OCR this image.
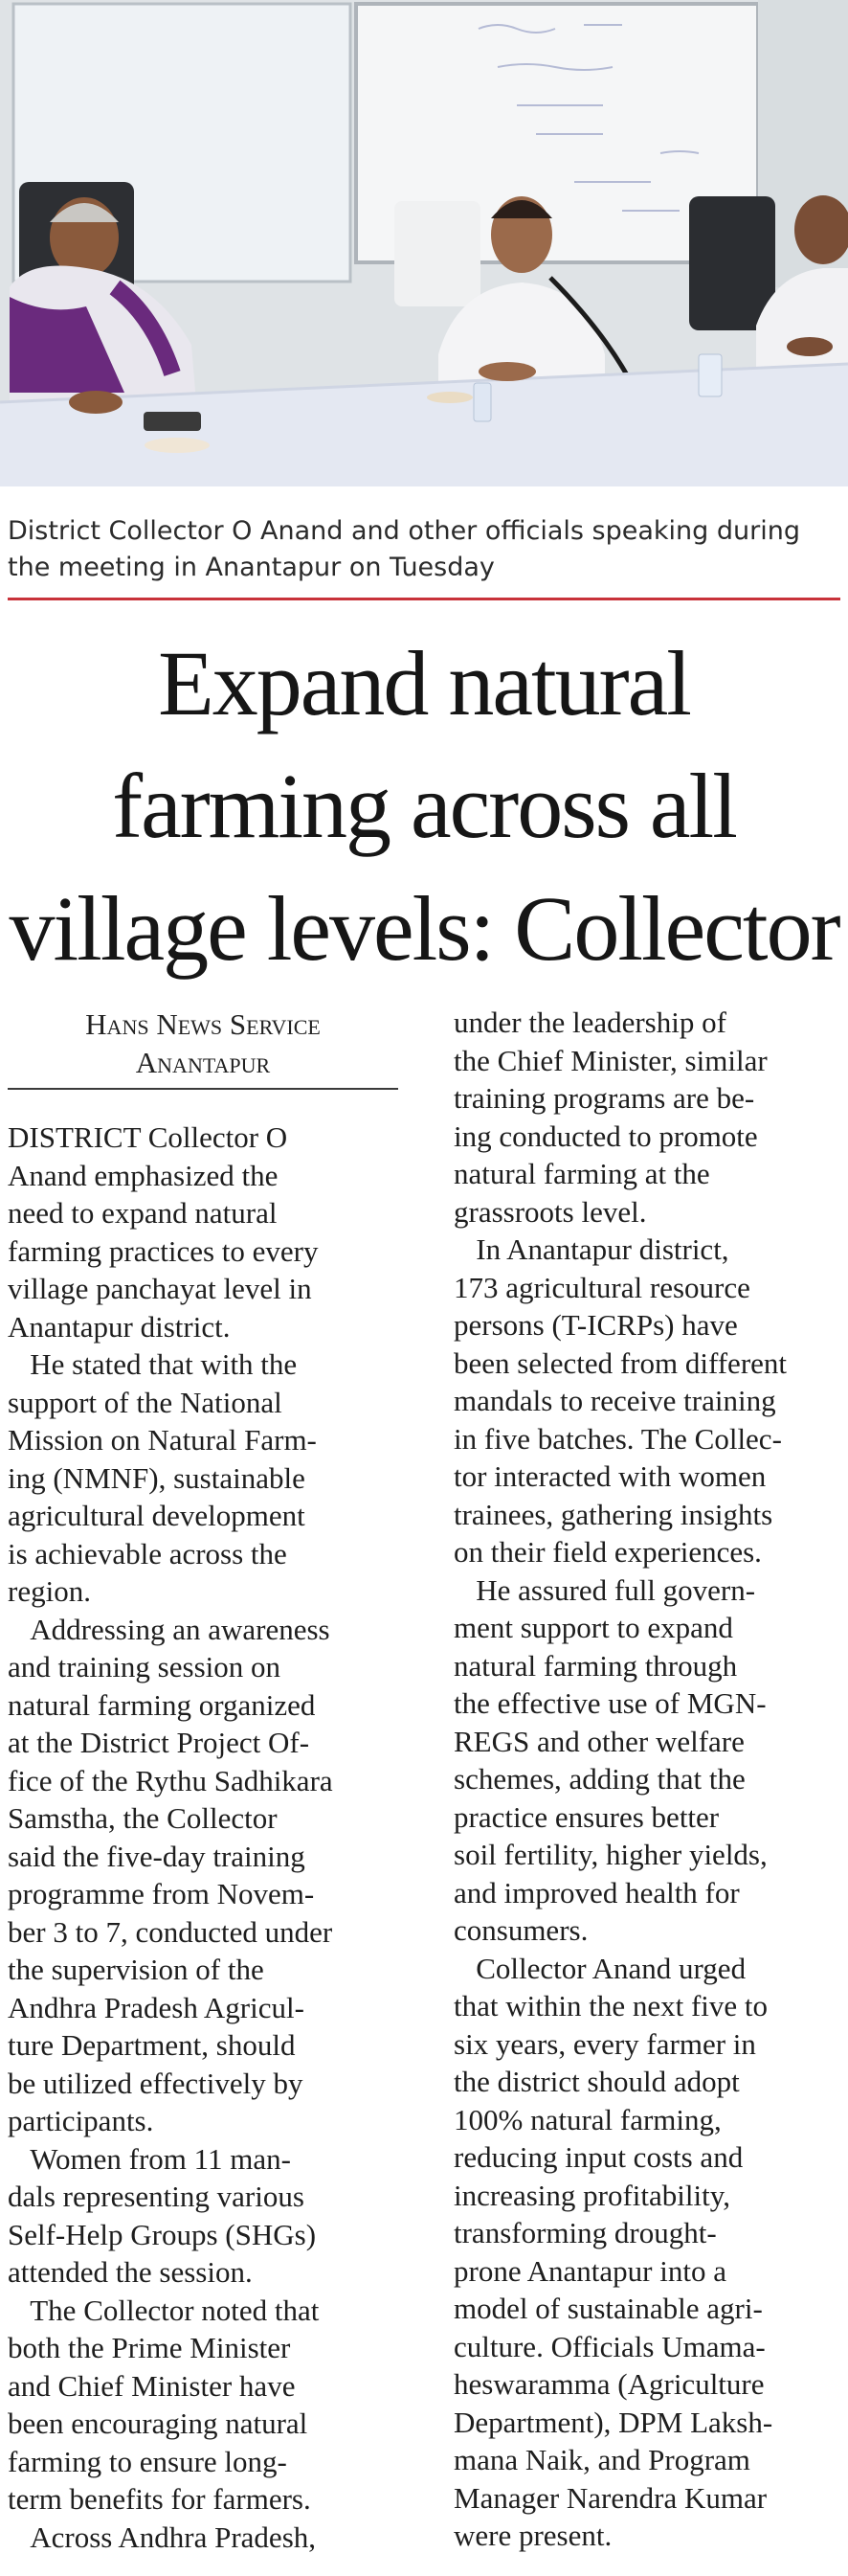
District Collector O Anand and other officials speaking during
the meeting in Anantapur on Tuesday
Expand natural
farming across all
village levels: Collector
Hans News Service
Anantapur

DISTRICT Collector O
Anand emphasized the
need to expand natural
farming practices to every
village panchayat level in
Anantapur district.

He stated that with the
support of the National
Mission on Natural Farm-
ing (NMNF), sustainable
agricultural development
is achievable across the
region.

Addressing an awareness
and training session on
natural farming organized
at the District Project Of-
fice of the Rythu Sadhikara
Samstha, the Collector
said the five-day training
programme from Novem-
ber 3 to 7, conducted under
the supervision of the
Andhra Pradesh Agricul-
ture Department, should
be utilized effectively by
participants.

Women from 11 man-
dals representing various
Self-Help Groups (SHGs)
attended the session.

The Collector noted that
both the Prime Minister
and Chief Minister have
been encouraging natural
farming to ensure long-
term benefits for farmers.

Across Andhra Pradesh,

under the leadership of
the Chief Minister, similar
training programs are be-
ing conducted to promote
natural farming at the
grassroots level.

In Anantapur district,
173 agricultural resource
persons (T-ICRPs) have
been selected from different
mandals to receive training
in five batches. The Collec-
tor interacted with women
trainees, gathering insights
on their field experiences.

He assured full govern-
ment support to expand
natural farming through
the effective use of MGN-
REGS and other welfare
schemes, adding that the
practice ensures better
soil fertility, higher yields,
and improved health for
consumers.

Collector Anand urged
that within the next five to
six years, every farmer in
the district should adopt
100% natural farming,
reducing input costs and
increasing profitability,
transforming drought-
prone Anantapur into a
model of sustainable agri-
culture. Officials Umama-
heswaramma (Agriculture
Department), DPM Laksh-
mana Naik, and Program
Manager Narendra Kumar
were present.
